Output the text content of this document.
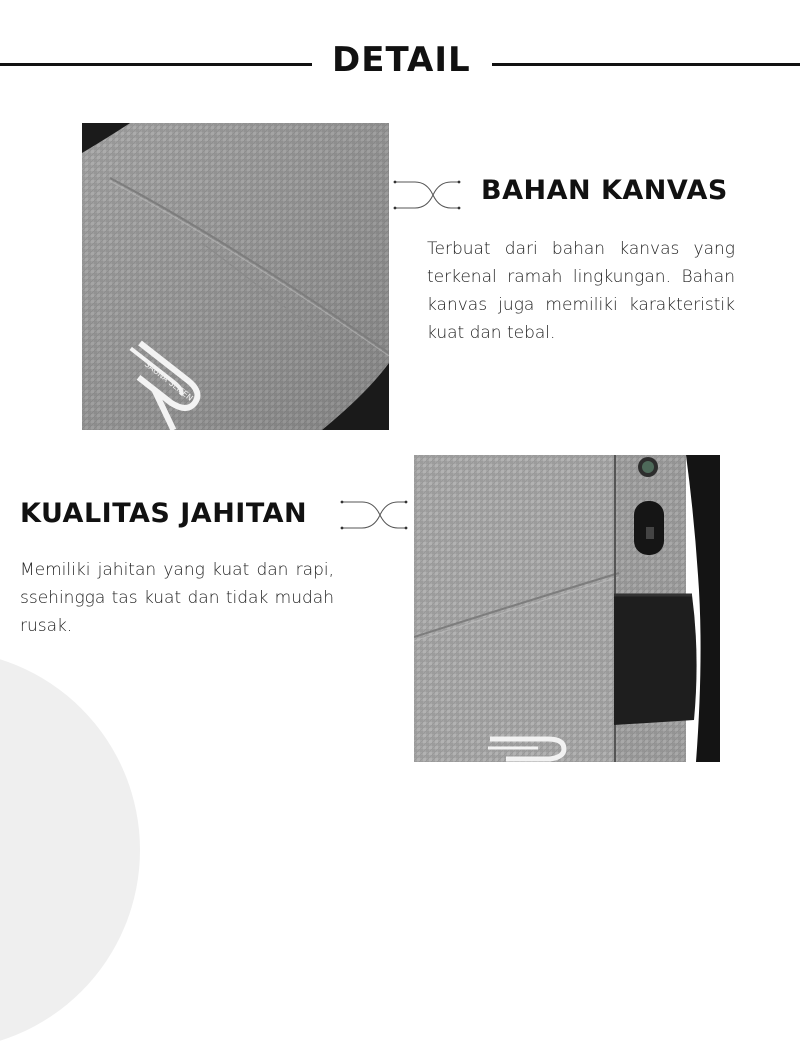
DETAIL
SAUNA SEIFEN
BAHAN KANVAS

Terbuat dari bahan kanvas yang terkenal ramah lingkungan. Bahan kanvas juga memiliki karakteristik kuat dan tebal.

KUALITAS JAHITAN

Memiliki jahitan yang kuat dan rapi, ssehingga tas kuat dan tidak mudah rusak.
